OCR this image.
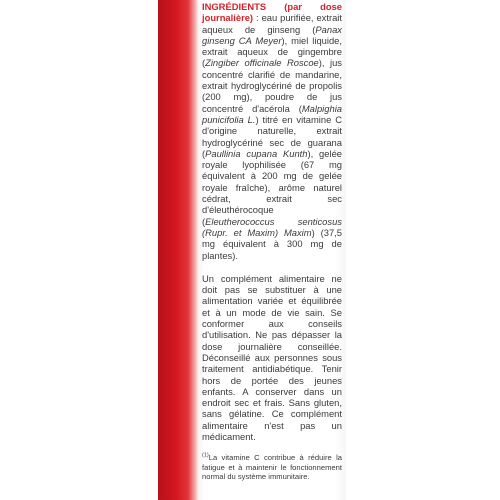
INGRÉDIENTS (par dose journalière) : eau purifiée, extrait aqueux de ginseng (Panax ginseng CA Meyer), miel liquide, extrait aqueux de gingembre (Zingiber officinale Roscoe), jus concentré clarifié de mandarine, extrait hydroglycériné de propolis (200 mg), poudre de jus concentré d'acérola (Malpighia punicifolia L.) titré en vitamine C d'origine naturelle, extrait hydroglycériné sec de guarana (Paullinia cupana Kunth), gelée royale lyophilisée (67 mg équivalent à 200 mg de gelée royale fraîche), arôme naturel cédrat, extrait sec d'éleuthérocoque (Eleutherococcus senticosus (Rupr. et Maxim) Maxim) (37,5 mg équivalent à 300 mg de plantes).

Un complément alimentaire ne doit pas se substituer à une alimentation variée et équilibrée et à un mode de vie sain. Se conformer aux conseils d'utilisation. Ne pas dépasser la dose journalière conseillée. Déconseillé aux personnes sous traitement antidiabétique. Tenir hors de portée des jeunes enfants. A conserver dans un endroit sec et frais. Sans gluten, sans gélatine. Ce complément alimentaire n'est pas un médicament.

$^{(1)}$La vitamine C contribue à réduire la fatigue et à maintenir le fonctionnement normal du système immunitaire.
